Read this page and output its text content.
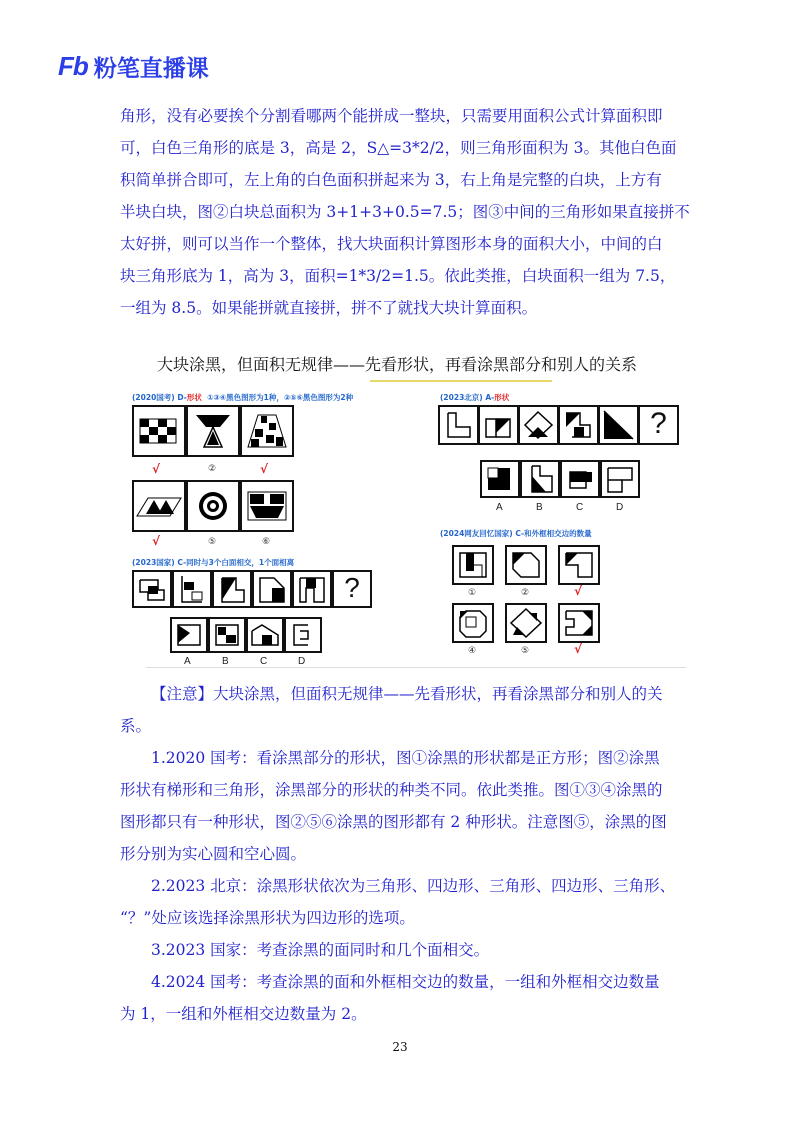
Fb 粉笔直播课
角形，没有必要挨个分割看哪两个能拼成一整块，只需要用面积公式计算面积即
可，白色三角形的底是 3，高是 2，S△=3*2/2，则三角形面积为 3。其他白色面
积简单拼合即可，左上角的白色面积拼起来为 3，右上角是完整的白块，上方有
半块白块，图②白块总面积为 3+1+3+0.5=7.5；图③中间的三角形如果直接拼不
太好拼，则可以当作一个整体，找大块面积计算图形本身的面积大小，中间的白
块三角形底为 1，高为 3，面积=1*3/2=1.5。依此类推，白块面积一组为 7.5，
一组为 8.5。如果能拼就直接拼，拼不了就找大块计算面积。
大块涂黑，但面积无规律——先看形状，再看涂黑部分和别人的关系
(2020国考) D-形状 ①③④黑色图形为1种，②⑤⑥黑色图形为2种
√	②	√
√	⑤	⑥
(2023北京) A-形状
?
A	B	C	D
(2023国家) C-同时与3个白面相交，1个面相离
?
A	B	C	D
(2024网友回忆国家) C-和外框相交边的数量
①	②	√
④	⑤	√

【注意】大块涂黑，但面积无规律——先看形状，再看涂黑部分和别人的关

系。

1.2020 国考：看涂黑部分的形状，图①涂黑的形状都是正方形；图②涂黑

形状有梯形和三角形，涂黑部分的形状的种类不同。依此类推。图①③④涂黑的

图形都只有一种形状，图②⑤⑥涂黑的图形都有 2 种形状。注意图⑤，涂黑的图

形分别为实心圆和空心圆。

2.2023 北京：涂黑形状依次为三角形、四边形、三角形、四边形、三角形、

“？”处应该选择涂黑形状为四边形的选项。

3.2023 国家：考查涂黑的面同时和几个面相交。

4.2024 国考：考查涂黑的面和外框相交边的数量，一组和外框相交边数量

为 1，一组和外框相交边数量为 2。

23
